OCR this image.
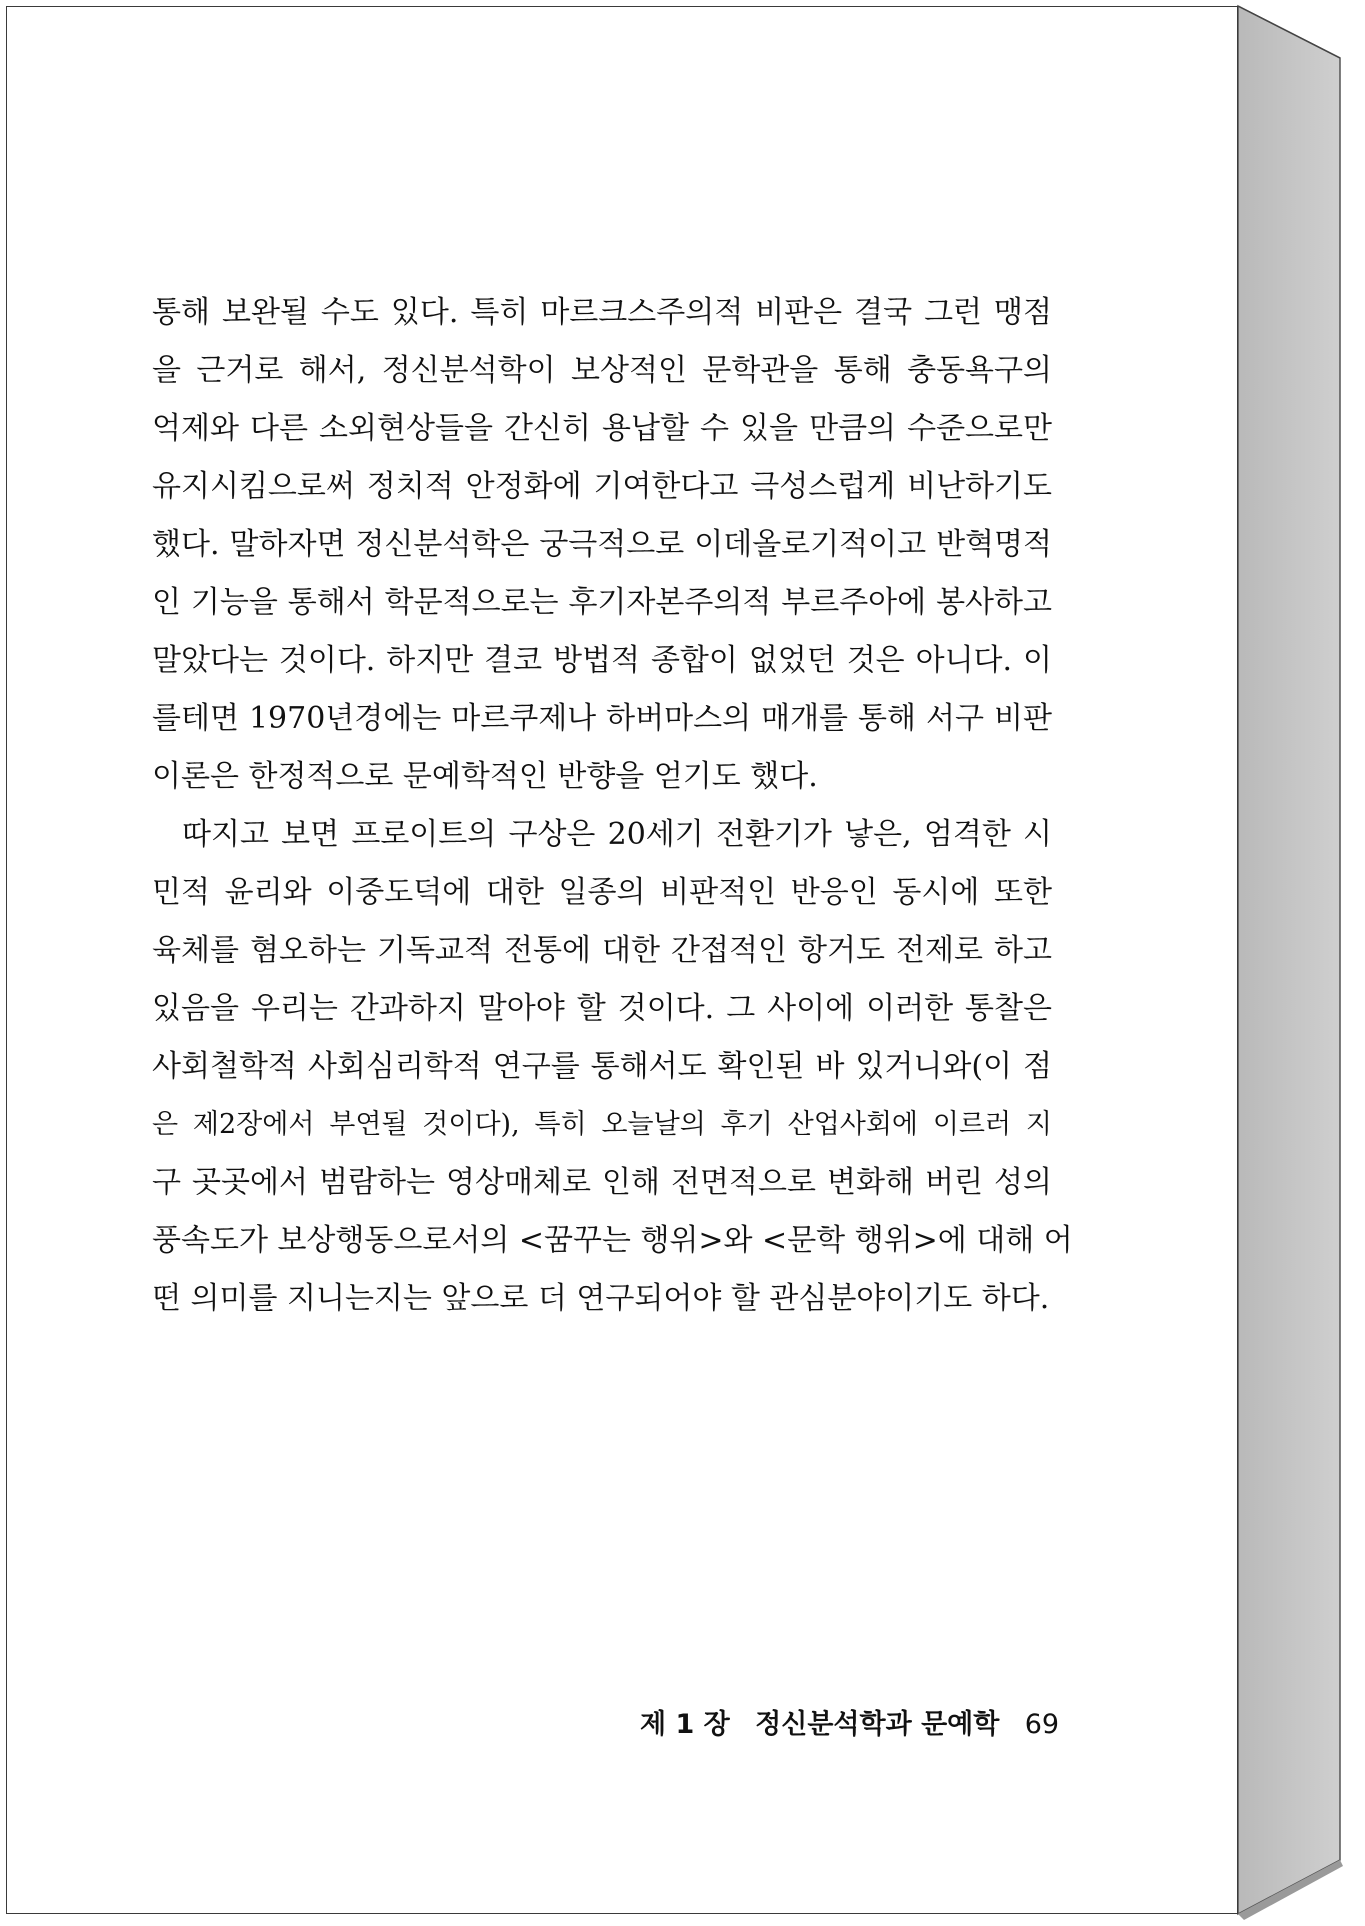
통해 보완될 수도 있다. 특히 마르크스주의적 비판은 결국 그런 맹점
을 근거로 해서, 정신분석학이 보상적인 문학관을 통해 충동욕구의
억제와 다른 소외현상들을 간신히 용납할 수 있을 만큼의 수준으로만
유지시킴으로써 정치적 안정화에 기여한다고 극성스럽게 비난하기도
했다. 말하자면 정신분석학은 궁극적으로 이데올로기적이고 반혁명적
인 기능을 통해서 학문적으로는 후기자본주의적 부르주아에 봉사하고
말았다는 것이다. 하지만 결코 방법적 종합이 없었던 것은 아니다. 이
를테면 1970년경에는 마르쿠제나 하버마스의 매개를 통해 서구 비판
이론은 한정적으로 문예학적인 반향을 얻기도 했다.
따지고 보면 프로이트의 구상은 20세기 전환기가 낳은, 엄격한 시
민적 윤리와 이중도덕에 대한 일종의 비판적인 반응인 동시에 또한
육체를 혐오하는 기독교적 전통에 대한 간접적인 항거도 전제로 하고
있음을 우리는 간과하지 말아야 할 것이다. 그 사이에 이러한 통찰은
사회철학적 사회심리학적 연구를 통해서도 확인된 바 있거니와(이 점
은 제2장에서 부연될 것이다), 특히 오늘날의 후기 산업사회에 이르러 지
구 곳곳에서 범람하는 영상매체로 인해 전면적으로 변화해 버린 성의
풍속도가 보상행동으로서의 <꿈꾸는 행위>와 <문학 행위>에 대해 어
떤 의미를 지니는지는 앞으로 더 연구되어야 할 관심분야이기도 하다.
제 1 장 정신분석학과 문예학 69
